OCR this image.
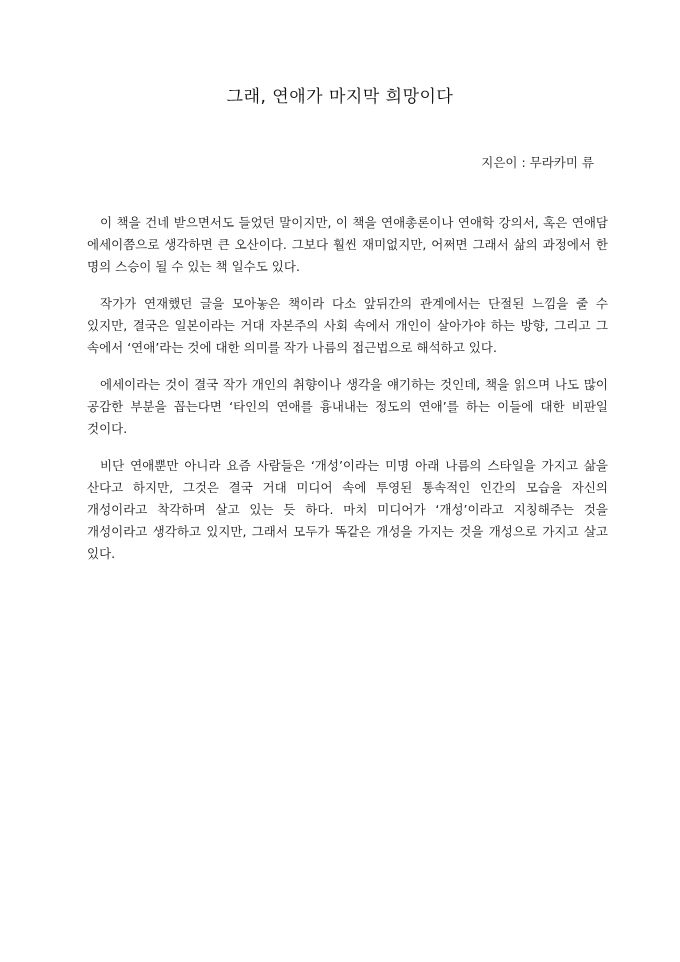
그래, 연애가 마지막 희망이다
지은이 : 무라카미 류

이 책을 건네 받으면서도 들었던 말이지만, 이 책을 연애총론이나 연애학 강의서, 혹은 연애담 에세이쯤으로 생각하면 큰 오산이다. 그보다 훨씬 재미없지만, 어쩌면 그래서 삶의 과정에서 한 명의 스승이 될 수 있는 책 일수도 있다.

작가가 연재했던 글을 모아놓은 책이라 다소 앞뒤간의 관계에서는 단절된 느낌을 줄 수 있지만, 결국은 일본이라는 거대 자본주의 사회 속에서 개인이 살아가야 하는 방향, 그리고 그 속에서 ‘연애’라는 것에 대한 의미를 작가 나름의 접근법으로 해석하고 있다.

에세이라는 것이 결국 작가 개인의 취향이나 생각을 얘기하는 것인데, 책을 읽으며 나도 많이 공감한 부분을 꼽는다면 ‘타인의 연애를 흉내내는 정도의 연애’를 하는 이들에 대한 비판일 것이다.

비단 연애뿐만 아니라 요즘 사람들은 ‘개성’이라는 미명 아래 나름의 스타일을 가지고 삶을 산다고 하지만, 그것은 결국 거대 미디어 속에 투영된 통속적인 인간의 모습을 자신의 개성이라고 착각하며 살고 있는 듯 하다. 마치 미디어가 ‘개성’이라고 지칭해주는 것을 개성이라고 생각하고 있지만, 그래서 모두가 똑같은 개성을 가지는 것을 개성으로 가지고 살고 있다.
